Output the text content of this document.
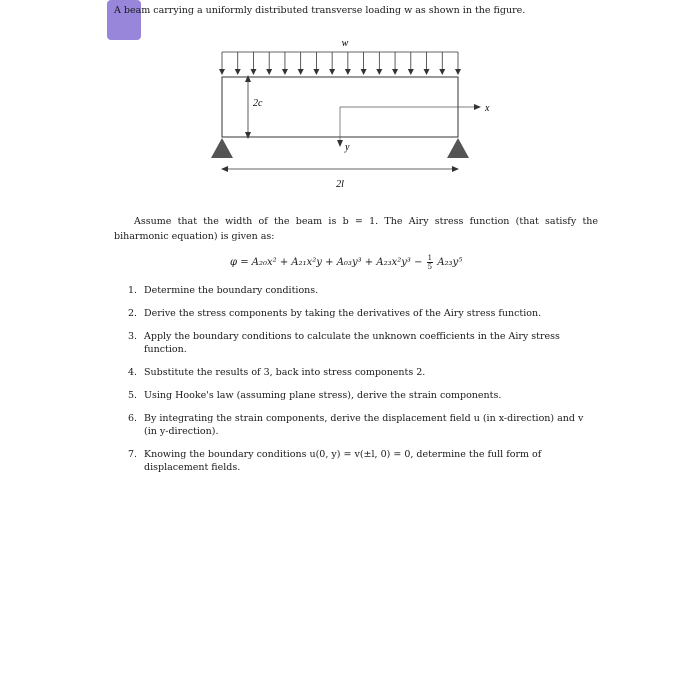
A beam carrying a uniformly distributed transverse loading w as shown in the figure.
w
2c	x
y
2l
Assume that the width of the beam is b = 1. The Airy stress function (that satisfy the biharmonic equation) is given as:
$\varphi = A_{20}x^2 + A_{21}x^2y + A_{03}y^3 + A_{23}x^2y^3 - \frac{1}{5} A_{23}y^5$
1. Determine the boundary conditions.
2. Derive the stress components by taking the derivatives of the Airy stress function.
3. Apply the boundary conditions to calculate the unknown coefficients in the Airy stress function.
4. Substitute the results of 3, back into stress components 2.
5. Using Hooke's law (assuming plane stress), derive the strain components.
6. By integrating the strain components, derive the displacement field u (in x-direction) and v (in y-direction).
7. Knowing the boundary conditions u(0, y) = v(±l, 0) = 0, determine the full form of displacement fields.
